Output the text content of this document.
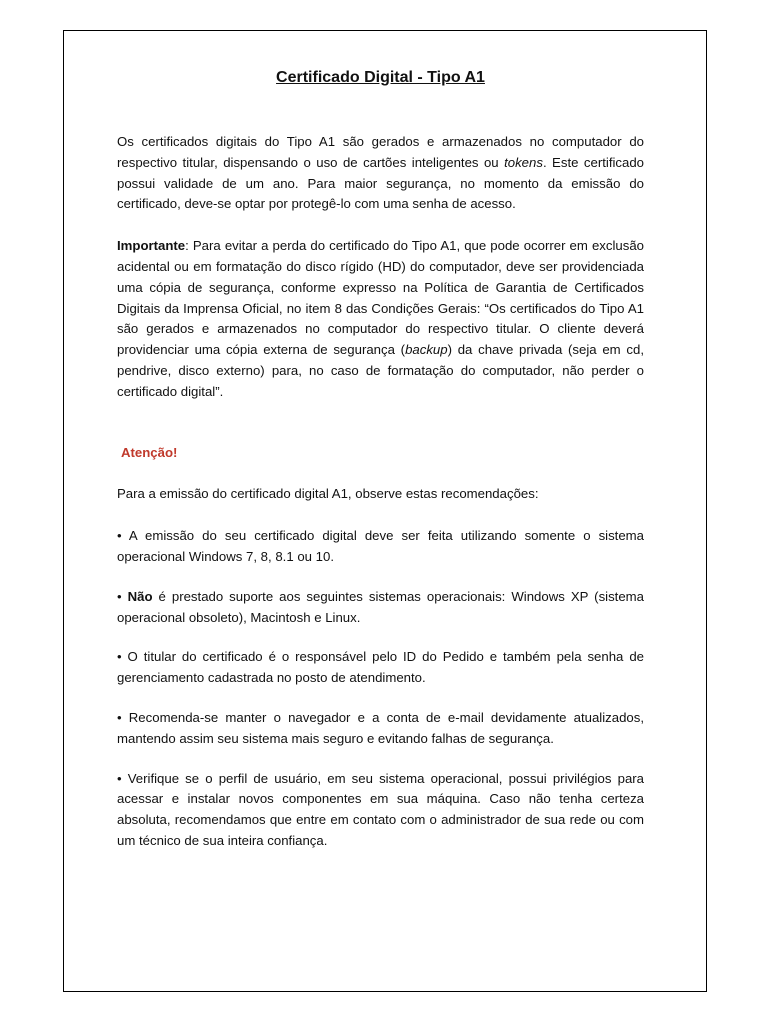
Certificado Digital - Tipo A1

Os certificados digitais do Tipo A1 são gerados e armazenados no computador do respectivo titular, dispensando o uso de cartões inteligentes ou tokens. Este certificado possui validade de um ano. Para maior segurança, no momento da emissão do certificado, deve-se optar por protegê-lo com uma senha de acesso.

Importante: Para evitar a perda do certificado do Tipo A1, que pode ocorrer em exclusão acidental ou em formatação do disco rígido (HD) do computador, deve ser providenciada uma cópia de segurança, conforme expresso na Política de Garantia de Certificados Digitais da Imprensa Oficial, no item 8 das Condições Gerais: “Os certificados do Tipo A1 são gerados e armazenados no computador do respectivo titular. O cliente deverá providenciar uma cópia externa de segurança (backup) da chave privada (seja em cd, pendrive, disco externo) para, no caso de formatação do computador, não perder o certificado digital”.

Atenção!

Para a emissão do certificado digital A1, observe estas recomendações:

• A emissão do seu certificado digital deve ser feita utilizando somente o sistema operacional Windows 7, 8, 8.1 ou 10.

• Não é prestado suporte aos seguintes sistemas operacionais: Windows XP (sistema operacional obsoleto), Macintosh e Linux.

• O titular do certificado é o responsável pelo ID do Pedido e também pela senha de gerenciamento cadastrada no posto de atendimento.

• Recomenda-se manter o navegador e a conta de e-mail devidamente atualizados, mantendo assim seu sistema mais seguro e evitando falhas de segurança.

• Verifique se o perfil de usuário, em seu sistema operacional, possui privilégios para acessar e instalar novos componentes em sua máquina. Caso não tenha certeza absoluta, recomendamos que entre em contato com o administrador de sua rede ou com um técnico de sua inteira confiança.
